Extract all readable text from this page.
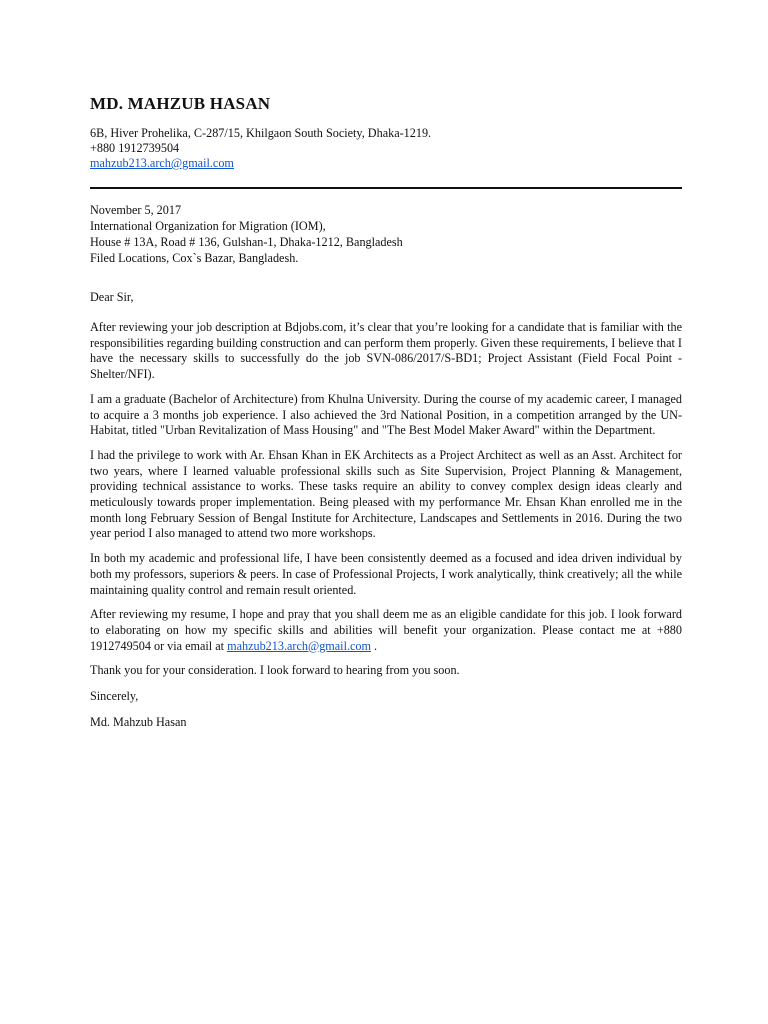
MD. MAHZUB HASAN

6B, Hiver Prohelika, C-287/15, Khilgaon South Society, Dhaka-1219.

+880 1912739504

mahzub213.arch@gmail.com

November 5, 2017

International Organization for Migration (IOM),

House # 13A, Road # 136, Gulshan-1, Dhaka-1212, Bangladesh

Filed Locations, Cox`s Bazar, Bangladesh.

Dear Sir,
After reviewing your job description at Bdjobs.com, it’s clear that you’re looking for a candidate that is familiar with the responsibilities regarding building construction and can perform them properly. Given these requirements, I believe that I have the necessary skills to successfully do the job SVN-086/2017/S-BD1; Project Assistant (Field Focal Point - Shelter/NFI).
I am a graduate (Bachelor of Architecture) from Khulna University. During the course of my academic career, I managed to acquire a 3 months job experience. I also achieved the 3rd National Position, in a competition arranged by the UN-Habitat, titled "Urban Revitalization of Mass Housing" and "The Best Model Maker Award" within the Department.
I had the privilege to work with Ar. Ehsan Khan in EK Architects as a Project Architect as well as an Asst. Architect for two years, where I learned valuable professional skills such as Site Supervision, Project Planning & Management, providing technical assistance to works. These tasks require an ability to convey complex design ideas clearly and meticulously towards proper implementation. Being pleased with my performance Mr. Ehsan Khan enrolled me in the month long February Session of Bengal Institute for Architecture, Landscapes and Settlements in 2016. During the two year period I also managed to attend two more workshops.
In both my academic and professional life, I have been consistently deemed as a focused and idea driven individual by both my professors, superiors & peers. In case of Professional Projects, I work analytically, think creatively; all the while maintaining quality control and remain result oriented.
After reviewing my resume, I hope and pray that you shall deem me as an eligible candidate for this job. I look forward to elaborating on how my specific skills and abilities will benefit your organization. Please contact me at +880 1912749504 or via email at mahzub213.arch@gmail.com .
Thank you for your consideration. I look forward to hearing from you soon.
Sincerely,
Md. Mahzub Hasan
